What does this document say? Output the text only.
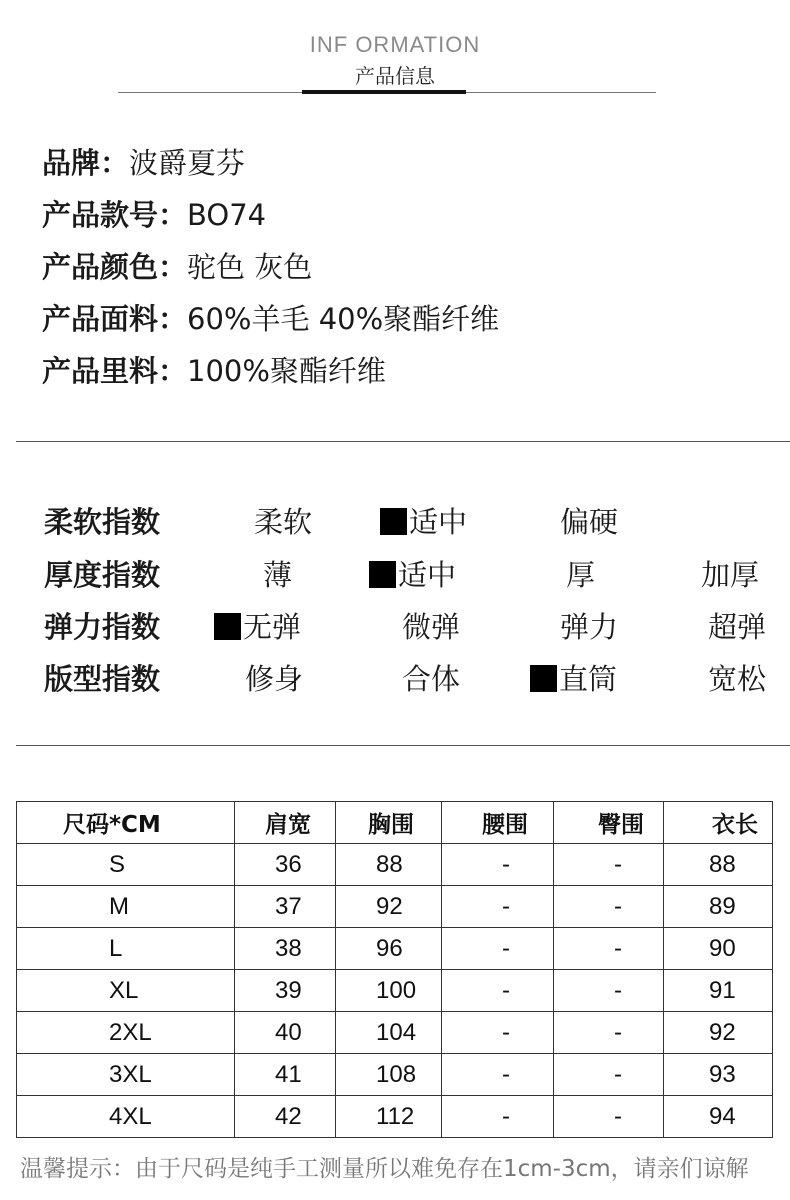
INF ORMATION
产品信息
品牌：波爵夏芬
产品款号：BO74
产品颜色：驼色 灰色
产品面料：60%羊毛 40%聚酯纤维
产品里料：100%聚酯纤维
柔软指数	柔软	适中	偏硬
厚度指数	薄	适中	厚	加厚
弹力指数	无弹	微弹	弹力	超弹
版型指数	修身	合体	直筒	宽松
尺码*CM	肩宽	胸围	腰围	臀围	衣长
S	36	88	-	-	88
M	37	92	-	-	89
L	38	96	-	-	90
XL	39	100	-	-	91
2XL	40	104	-	-	92
3XL	41	108	-	-	93
4XL	42	112	-	-	94
温馨提示：由于尺码是纯手工测量所以难免存在1cm-3cm，请亲们谅解
